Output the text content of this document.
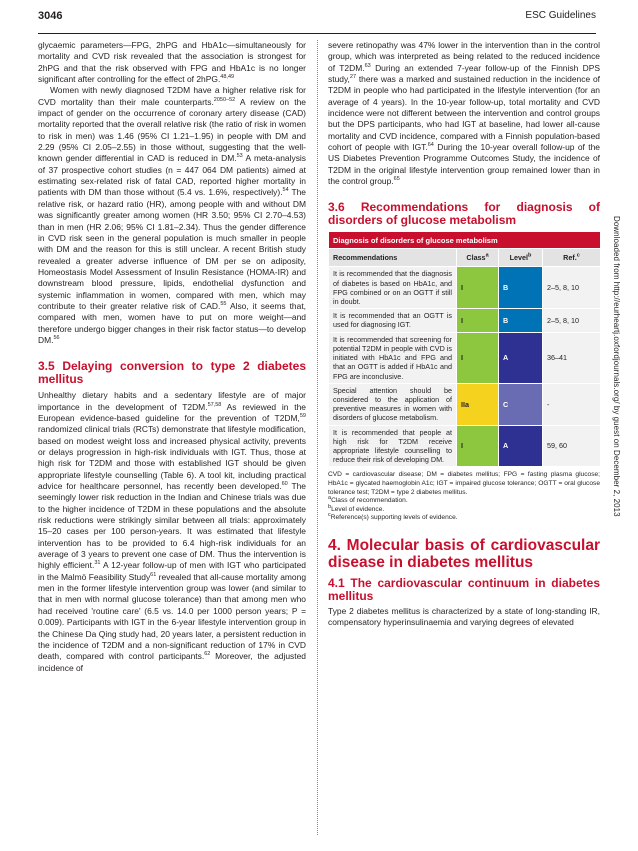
3046	ESC Guidelines

glycaemic parameters—FPG, 2hPG and HbA1c—simultaneously for mortality and CVD risk revealed that the association is strongest for 2hPG and that the risk observed with FPG and HbA1c is no longer significant after controlling for the effect of 2hPG.$^{48,49}$

Women with newly diagnosed T2DM have a higher relative risk for CVD mortality than their male counterparts.$^{2050-52}$ A review on the impact of gender on the occurrence of coronary artery disease (CAD) mortality reported that the overall relative risk (the ratio of risk in women to risk in men) was 1.46 (95% CI 1.21–1.95) in people with DM and 2.29 (95% CI 2.05–2.55) in those without, suggesting that the well-known gender differential in CAD is reduced in DM.$^{53}$ A meta-analysis of 37 prospective cohort studies (n = 447 064 DM patients) aimed at estimating sex-related risk of fatal CAD, reported higher mortality in patients with DM than those without (5.4 vs. 1.6%, respectively).$^{54}$ The relative risk, or hazard ratio (HR), among people with and without DM was significantly greater among women (HR 3.50; 95% CI 2.70–4.53) than in men (HR 2.06; 95% CI 1.81–2.34). Thus the gender difference in CVD risk seen in the general population is much smaller in people with DM and the reason for this is still unclear. A recent British study revealed a greater adverse influence of DM per se on adiposity, Homeostasis Model Assessment of Insulin Resistance (HOMA-IR) and downstream blood pressure, lipids, endothelial dysfunction and systemic inflammation in women, compared with men, which may contribute to their greater relative risk of CAD.$^{55}$ Also, it seems that, compared with men, women have to put on more weight—and therefore undergo bigger changes in their risk factor status—to develop DM.$^{56}$

3.5 Delaying conversion to type 2 diabetes mellitus

Unhealthy dietary habits and a sedentary lifestyle are of major importance in the development of T2DM.$^{57,58}$ As reviewed in the European evidence-based guideline for the prevention of T2DM,$^{59}$ randomized clinical trials (RCTs) demonstrate that lifestyle modification, based on modest weight loss and increased physical activity, prevents or delays progression in high-risk individuals with IGT. Thus, those at high risk for T2DM and those with established IGT should be given appropriate lifestyle counselling (Table 6). A tool kit, including practical advice for healthcare personnel, has recently been developed.$^{60}$ The seemingly lower risk reduction in the Indian and Chinese trials was due to the higher incidence of T2DM in these populations and the absolute risk reductions were strikingly similar between all trials: approximately 15–20 cases per 100 person-years. It was estimated that lifestyle intervention has to be provided to 6.4 high-risk individuals for an average of 3 years to prevent one case of DM. Thus the intervention is highly efficient.$^{31}$ A 12-year follow-up of men with IGT who participated in the Malmö Feasibility Study$^{61}$ revealed that all-cause mortality among men in the former lifestyle intervention group was lower (and similar to that in men with normal glucose tolerance) than that among men who had received 'routine care' (6.5 vs. 14.0 per 1000 person years; P = 0.009). Participants with IGT in the 6-year lifestyle intervention group in the Chinese Da Qing study had, 20 years later, a persistent reduction in the incidence of T2DM and a non-significant reduction of 17% in CVD death, compared with control participants.$^{62}$ Moreover, the adjusted incidence of

severe retinopathy was 47% lower in the intervention than in the control group, which was interpreted as being related to the reduced incidence of T2DM.$^{63}$ During an extended 7-year follow-up of the Finnish DPS study,$^{27}$ there was a marked and sustained reduction in the incidence of T2DM in people who had participated in the lifestyle intervention (for an average of 4 years). In the 10-year follow-up, total mortality and CVD incidence were not different between the intervention and control groups but the DPS participants, who had IGT at baseline, had lower all-cause mortality and CVD incidence, compared with a Finnish population-based cohort of people with IGT.$^{64}$ During the 10-year overall follow-up of the US Diabetes Prevention Programme Outcomes Study, the incidence of T2DM in the original lifestyle intervention group remained lower than in the control group.$^{65}$

3.6 Recommendations for diagnosis of disorders of glucose metabolism
Diagnosis of disorders of glucose metabolism			
Recommendations	Class$^a$	Level$^b$	Ref.$^c$
It is recommended that the diagnosis of diabetes is based on HbA1c, and FPG combined or on an OGTT if still in doubt.	I	B	2–5, 8, 10
It is recommended that an OGTT is used for diagnosing IGT.	I	B	2–5, 8, 10
It is recommended that screening for potential T2DM in people with CVD is initiated with HbA1c and FPG and that an OGTT is added if HbA1c and FPG are inconclusive.	I	A	36–41
Special attention should be considered to the application of preventive measures in women with disorders of glucose metabolism.	IIa	C	-
It is recommended that people at high risk for T2DM receive appropriate lifestyle counselling to reduce their risk of developing DM.	I	A	59, 60

CVD = cardiovascular disease; DM = diabetes mellitus; FPG = fasting plasma glucose; HbA1c = glycated haemoglobin A1c; IGT = impaired glucose tolerance; OGTT = oral glucose tolerance test; T2DM = type 2 diabetes mellitus.

$^a$Class of recommendation.

$^b$Level of evidence.

$^c$Reference(s) supporting levels of evidence.

4. Molecular basis of cardiovascular disease in diabetes mellitus
4.1 The cardiovascular continuum in diabetes mellitus

Type 2 diabetes mellitus is characterized by a state of long-standing IR, compensatory hyperinsulinaemia and varying degrees of elevated

Downloaded from http://eurheartj.oxfordjournals.org/ by guest on December 2, 2013
